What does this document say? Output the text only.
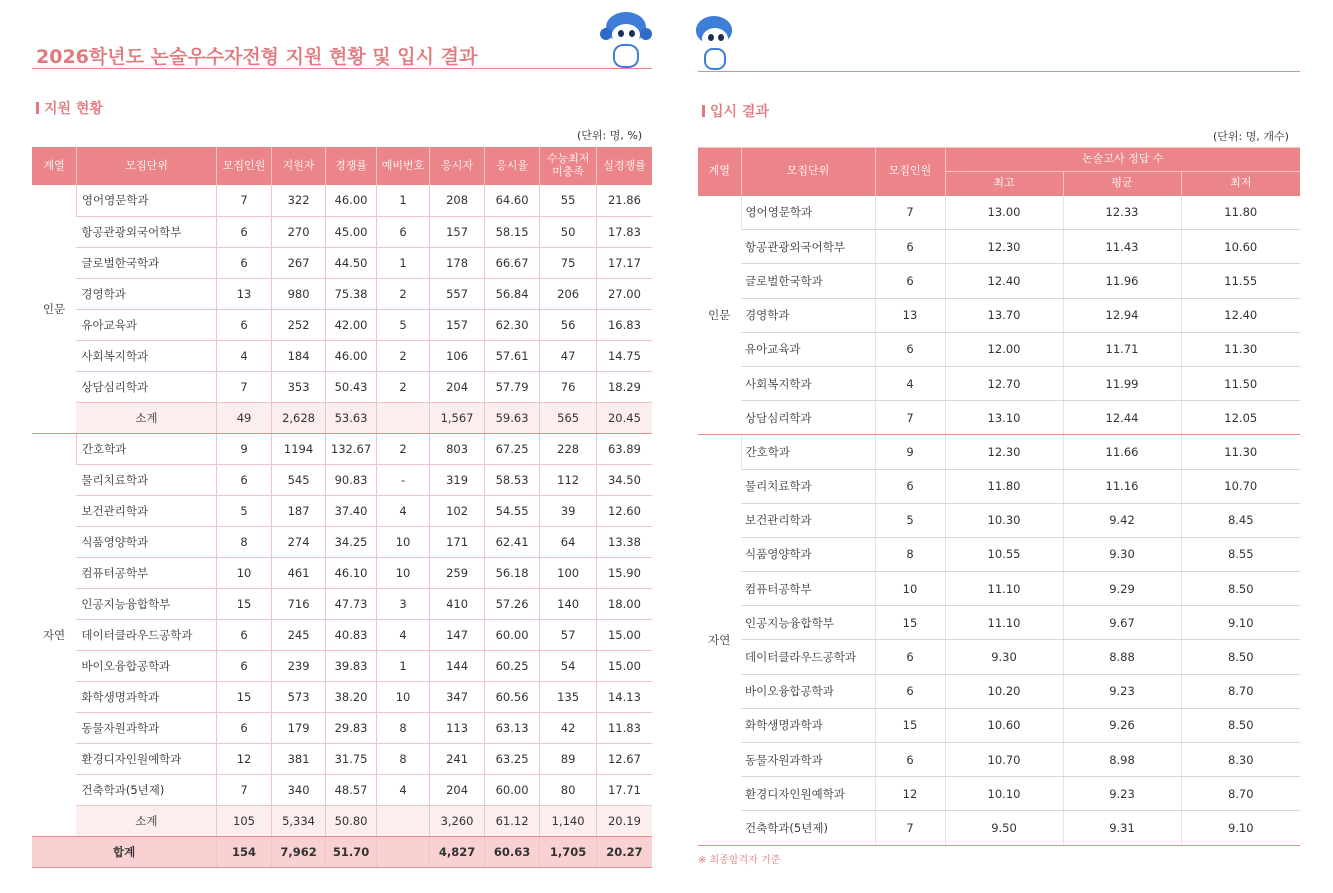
2026학년도 논술우수자전형 지원 현황 및 입시 결과
지원 현황
(단위: 명, %)
계열	모집단위	모집인원	지원자	경쟁률	예비번호	응시자	응시율	수능최저
미충족	실경쟁률
인문	영어영문학과	7	322	46.00	1	208	64.60	55	21.86
	항공관광외국어학부	6	270	45.00	6	157	58.15	50	17.83
	글로벌한국학과	6	267	44.50	1	178	66.67	75	17.17
	경영학과	13	980	75.38	2	557	56.84	206	27.00
	유아교육과	6	252	42.00	5	157	62.30	56	16.83
	사회복지학과	4	184	46.00	2	106	57.61	47	14.75
	상담심리학과	7	353	50.43	2	204	57.79	76	18.29
	소계	49	2,628	53.63		1,567	59.63	565	20.45
자연	간호학과	9	1194	132.67	2	803	67.25	228	63.89
	물리치료학과	6	545	90.83	-	319	58.53	112	34.50
	보건관리학과	5	187	37.40	4	102	54.55	39	12.60
	식품영양학과	8	274	34.25	10	171	62.41	64	13.38
	컴퓨터공학부	10	461	46.10	10	259	56.18	100	15.90
	인공지능융합학부	15	716	47.73	3	410	57.26	140	18.00
	데이터클라우드공학과	6	245	40.83	4	147	60.00	57	15.00
	바이오융합공학과	6	239	39.83	1	144	60.25	54	15.00
	화학생명과학과	15	573	38.20	10	347	60.56	135	14.13
	동물자원과학과	6	179	29.83	8	113	63.13	42	11.83
	환경디자인원예학과	12	381	31.75	8	241	63.25	89	12.67
	건축학과(5년제)	7	340	48.57	4	204	60.00	80	17.71
	소계	105	5,334	50.80		3,260	61.12	1,140	20.19
합계		154	7,962	51.70		4,827	60.63	1,705	20.27
입시 결과
(단위: 명, 개수)
계열	모집단위	모집인원	논술고사 정답 수		
			최고	평균	최저
인문	영어영문학과	7	13.00	12.33	11.80
	항공관광외국어학부	6	12.30	11.43	10.60
	글로벌한국학과	6	12.40	11.96	11.55
	경영학과	13	13.70	12.94	12.40
	유아교육과	6	12.00	11.71	11.30
	사회복지학과	4	12.70	11.99	11.50
	상담심리학과	7	13.10	12.44	12.05
자연	간호학과	9	12.30	11.66	11.30
	물리치료학과	6	11.80	11.16	10.70
	보건관리학과	5	10.30	9.42	8.45
	식품영양학과	8	10.55	9.30	8.55
	컴퓨터공학부	10	11.10	9.29	8.50
	인공지능융합학부	15	11.10	9.67	9.10
	데이터클라우드공학과	6	9.30	8.88	8.50
	바이오융합공학과	6	10.20	9.23	8.70
	화학생명과학과	15	10.60	9.26	8.50
	동물자원과학과	6	10.70	8.98	8.30
	환경디자인원예학과	12	10.10	9.23	8.70
	건축학과(5년제)	7	9.50	9.31	9.10
※ 최종합격자 기준
